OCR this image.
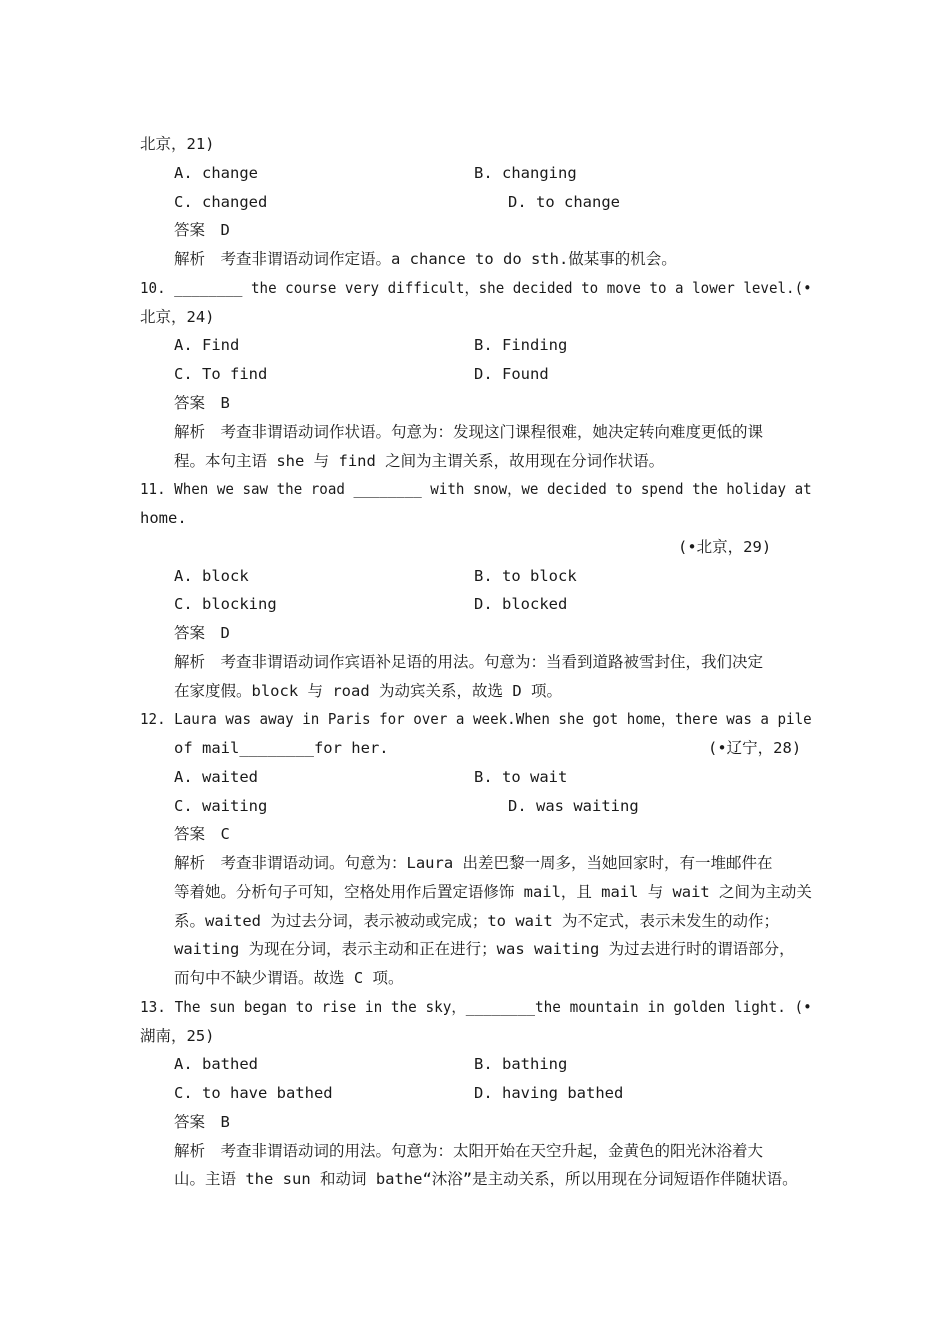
北京，21)
A. change	B. changing
C. changed	D. to change
答案　D
解析　考查非谓语动词作定语。a chance to do sth.做某事的机会。
10. ________ the course very difficult，she decided to move to a lower level.(•
北京，24)
A. Find	B. Finding
C. To find	D. Found
答案　B
解析　考查非谓语动词作状语。句意为：发现这门课程很难，她决定转向难度更低的课
程。本句主语 she 与 find 之间为主谓关系，故用现在分词作状语。
11. When we saw the road ________ with snow，we decided to spend the holiday at
home.
(•北京，29)
A. block	B. to block
C. blocking	D. blocked
答案　D
解析　考查非谓语动词作宾语补足语的用法。句意为：当看到道路被雪封住，我们决定
在家度假。block 与 road 为动宾关系，故选 D 项。
12. Laura was away in Paris for over a week.When she got home，there was a pile
of mail________for her.	(•辽宁，28)
A. waited	B. to wait
C. waiting	D. was waiting
答案　C
解析　考查非谓语动词。句意为：Laura 出差巴黎一周多，当她回家时，有一堆邮件在
等着她。分析句子可知，空格处用作后置定语修饰 mail，且 mail 与 wait 之间为主动关
系。waited 为过去分词，表示被动或完成；to wait 为不定式，表示未发生的动作；
waiting 为现在分词，表示主动和正在进行；was waiting 为过去进行时的谓语部分，
而句中不缺少谓语。故选 C 项。
13. The sun began to rise in the sky，________the mountain in golden light. (•
湖南，25)
A. bathed	B. bathing
C. to have bathed	D. having bathed
答案　B
解析　考查非谓语动词的用法。句意为：太阳开始在天空升起，金黄色的阳光沐浴着大
山。主语 the sun 和动词 bathe“沐浴”是主动关系，所以用现在分词短语作伴随状语。
